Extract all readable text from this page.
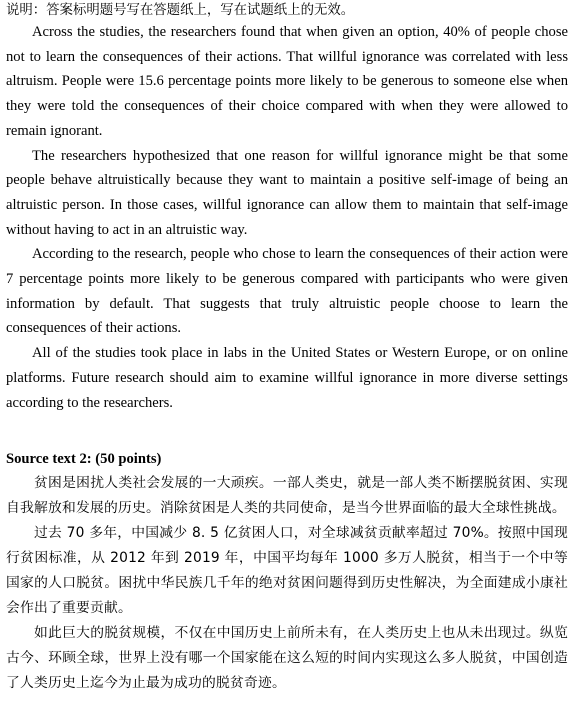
说明：答案标明题号写在答题纸上，写在试题纸上的无效。

Across the studies, the researchers found that when given an option, 40% of people chose not to learn the consequences of their actions. That willful ignorance was correlated with less altruism. People were 15.6 percentage points more likely to be generous to someone else when they were told the consequences of their choice compared with when they were allowed to remain ignorant.

The researchers hypothesized that one reason for willful ignorance might be that some people behave altruistically because they want to maintain a positive self-image of being an altruistic person. In those cases, willful ignorance can allow them to maintain that self-image without having to act in an altruistic way.

According to the research, people who chose to learn the consequences of their action were 7 percentage points more likely to be generous compared with participants who were given information by default. That suggests that truly altruistic people choose to learn the consequences of their actions.

All of the studies took place in labs in the United States or Western Europe, or on online platforms. Future research should aim to examine willful ignorance in more diverse settings according to the researchers.

Source text 2: (50 points)

贫困是困扰人类社会发展的一大顽疾。一部人类史，就是一部人类不断摆脱贫困、实现自我解放和发展的历史。消除贫困是人类的共同使命，是当今世界面临的最大全球性挑战。

过去 70 多年，中国减少 8. 5 亿贫困人口，对全球减贫贡献率超过 70%。按照中国现行贫困标准，从 2012 年到 2019 年，中国平均每年 1000 多万人脱贫，相当于一个中等国家的人口脱贫。困扰中华民族几千年的绝对贫困问题得到历史性解决，为全面建成小康社会作出了重要贡献。

如此巨大的脱贫规模，不仅在中国历史上前所未有，在人类历史上也从未出现过。纵览古今、环顾全球，世界上没有哪一个国家能在这么短的时间内实现这么多人脱贫，中国创造了人类历史上迄今为止最为成功的脱贫奇迹。
